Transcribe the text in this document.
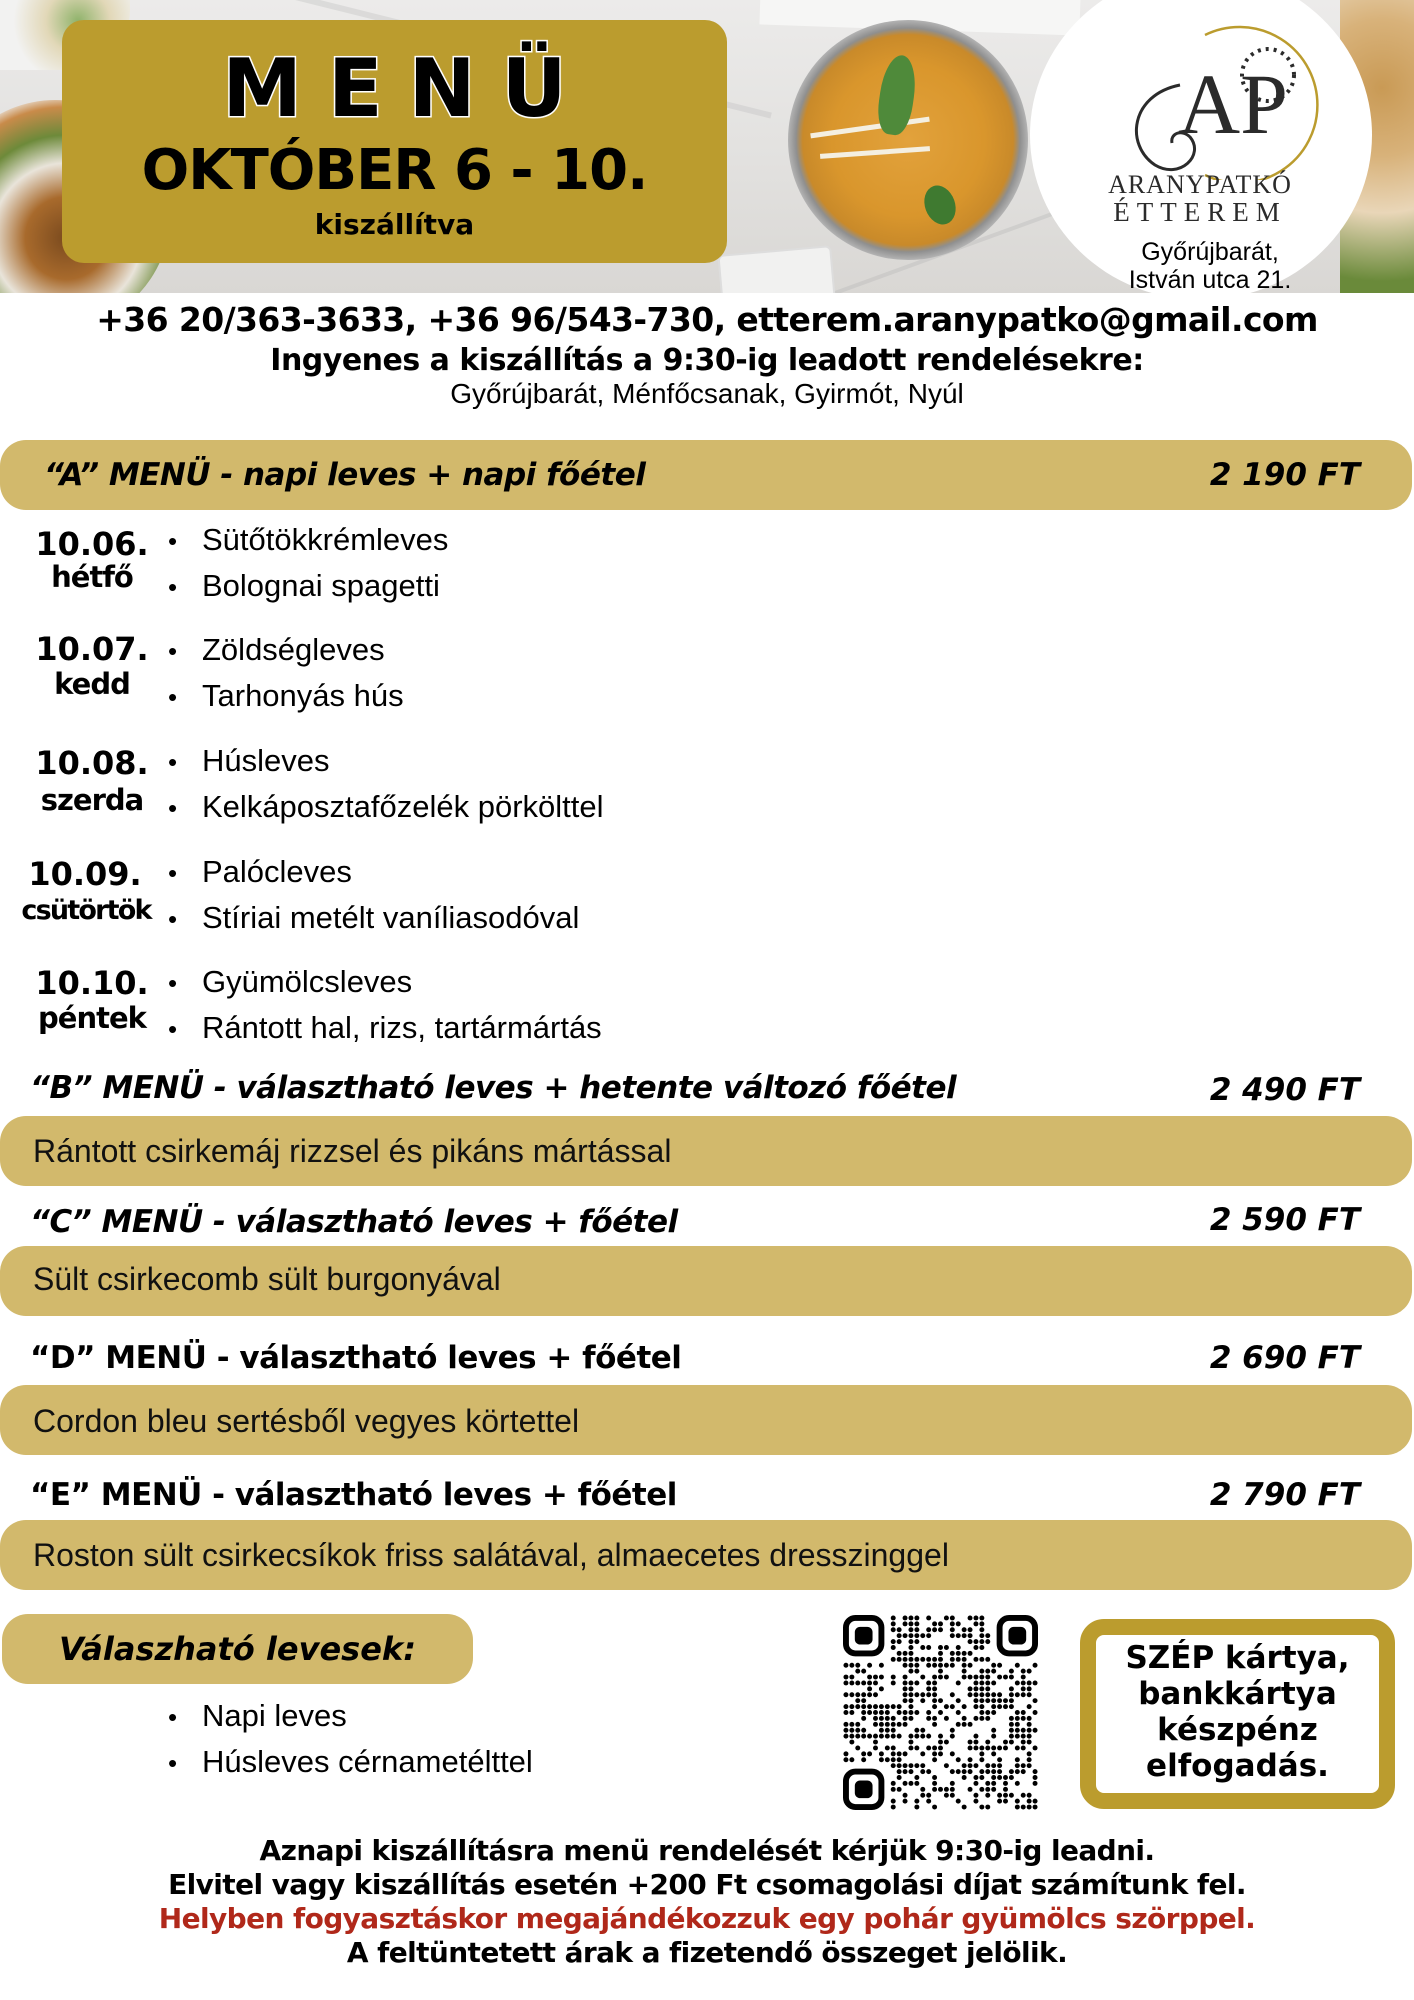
MENÜ
OKTÓBER 6 - 10.
kiszállítva
AP
ARANYPATKÓ
ÉTTEREM
Győrújbarát,
István utca 21.
+36 20/363-3633, +36 96/543-730, etterem.aranypatko@gmail.com
Ingyenes a kiszállítás a 9:30-ig leadott rendelésekre:
Győrújbarát, Ménfőcsanak, Gyirmót, Nyúl
“A” MENÜ - napi leves + napi főétel	2 190 FT
10.06.
hétfő
• Sütőtökkrémleves
• Bolognai spagetti
10.07.
kedd
• Zöldségleves
• Tarhonyás hús
10.08.
szerda
• Húsleves
• Kelkáposztafőzelék pörkölttel
10.09.
csütörtök
• Palócleves
• Stíriai metélt vaníliasodóval
10.10.
péntek
• Gyümölcsleves
• Rántott hal, rizs, tartármártás
“B” MENÜ - választható leves + hetente változó főétel	2 490 FT
Rántott csirkemáj rizzsel és pikáns mártással
“C” MENÜ - választható leves + főétel	2 590 FT
Sült csirkecomb sült burgonyával
“D” MENÜ - választható leves + főétel	2 690 FT
Cordon bleu sertésből vegyes körtettel
“E” MENÜ - választható leves + főétel	2 790 FT
Roston sült csirkecsíkok friss salátával, almaecetes dresszinggel
Válaszható levesek:
• Napi leves
• Húsleves cérnametélttel
SZÉP kártya,
bankkártya
készpénz
elfogadás.
Aznapi kiszállításra menü rendelését kérjük 9:30-ig leadni.
Elvitel vagy kiszállítás esetén +200 Ft csomagolási díjat számítunk fel.
Helyben fogyasztáskor megajándékozzuk egy pohár gyümölcs szörppel.
A feltüntetett árak a fizetendő összeget jelölik.
